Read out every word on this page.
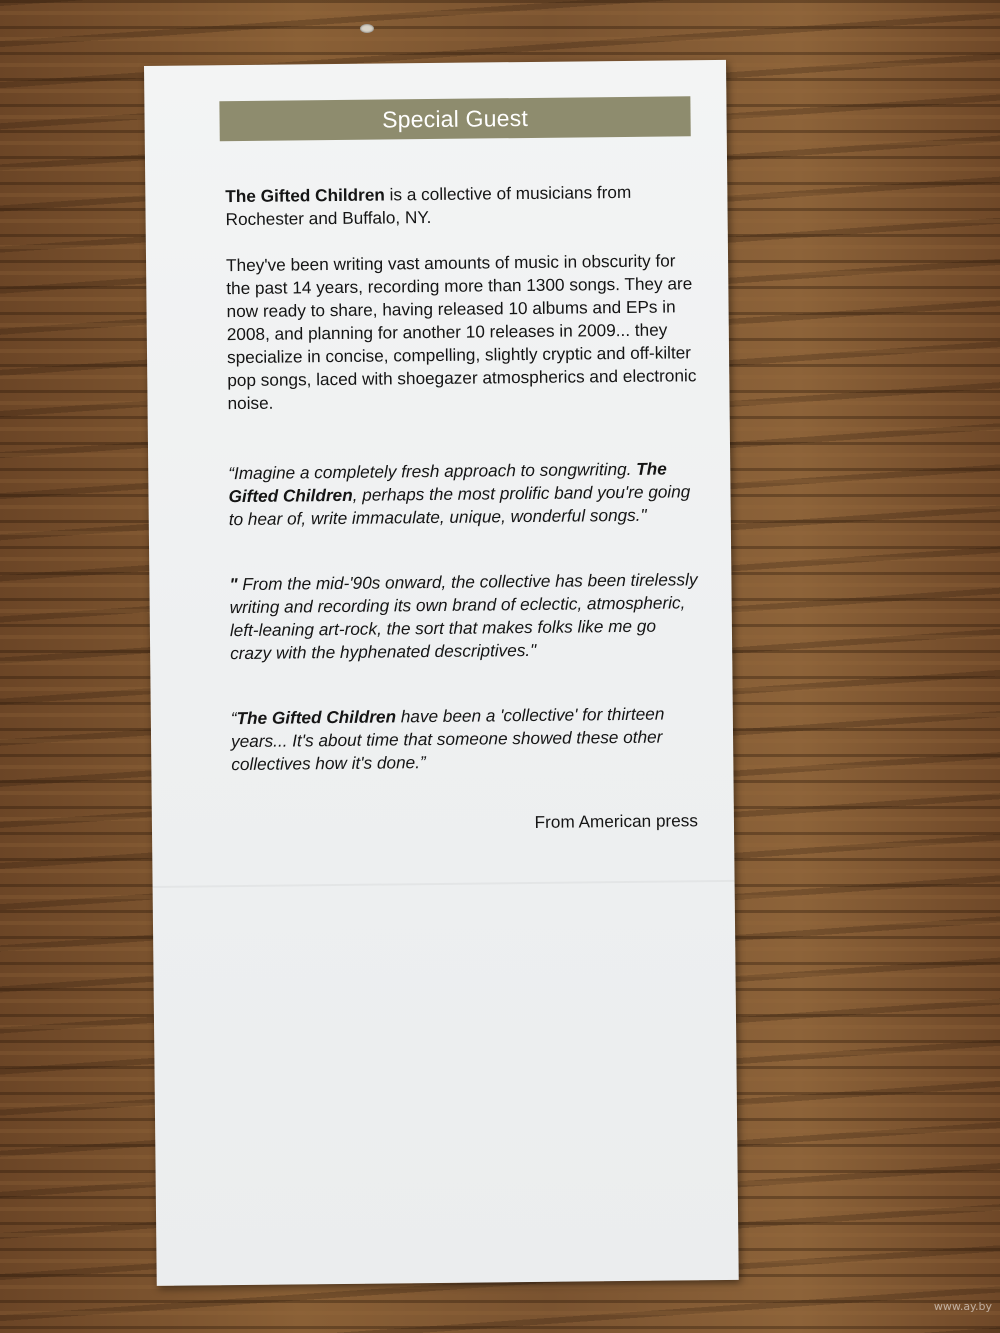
Special Guest

The Gifted Children is a collective of musicians from Rochester and Buffalo, NY.

They've been writing vast amounts of music in obscurity for the past 14 years, recording more than 1300 songs. They are now ready to share, having released 10 albums and EPs in 2008, and planning for another 10 releases in 2009... they specialize in concise, compelling, slightly cryptic and off-kilter pop songs, laced with shoegazer atmospherics and electronic noise.

“Imagine a completely fresh approach to songwriting. The Gifted Children, perhaps the most prolific band you're going to hear of, write immaculate, unique, wonderful songs."

" From the mid-'90s onward, the collective has been tirelessly writing and recording its own brand of eclectic, atmospheric, left-leaning art-rock, the sort that makes folks like me go crazy with the hyphenated descriptives."

“The Gifted Children have been a 'collective' for thirteen years... It's about time that someone showed these other collectives how it's done.”

From American press

www.ay.by
